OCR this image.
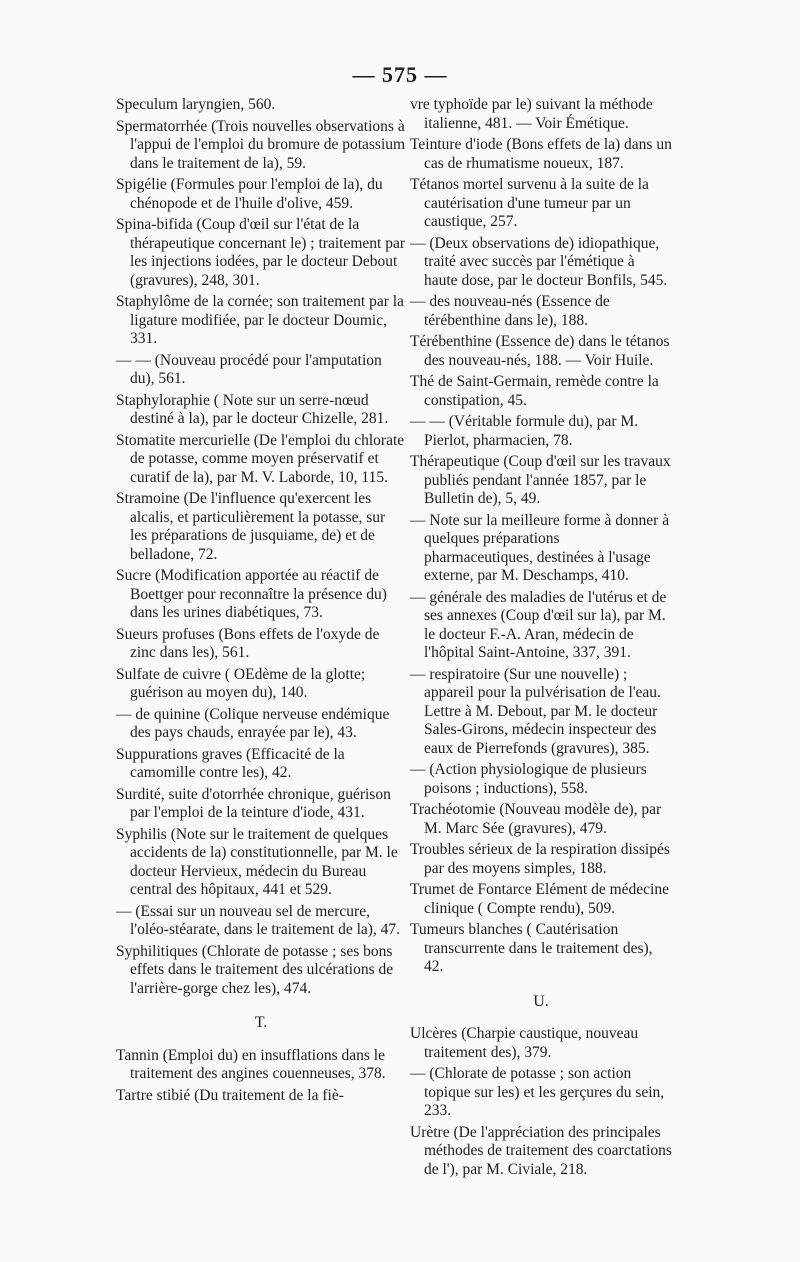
— 575 —

Speculum laryngien, 560.

Spermatorrhée (Trois nouvelles observations à l'appui de l'emploi du bromure de potassium dans le traitement de la), 59.

Spigélie (Formules pour l'emploi de la), du chénopode et de l'huile d'olive, 459.

Spina-bifida (Coup d'œil sur l'état de la thérapeutique concernant le) ; traitement par les injections iodées, par le docteur Debout (gravures), 248, 301.

Staphylôme de la cornée; son traitement par la ligature modifiée, par le docteur Doumic, 331.

— — (Nouveau procédé pour l'amputation du), 561.

Staphyloraphie ( Note sur un serre-nœud destiné à la), par le docteur Chizelle, 281.

Stomatite mercurielle (De l'emploi du chlorate de potasse, comme moyen préservatif et curatif de la), par M. V. Laborde, 10, 115.

Stramoine (De l'influence qu'exercent les alcalis, et particulièrement la potasse, sur les préparations de jusquiame, de) et de belladone, 72.

Sucre (Modification apportée au réactif de Boettger pour reconnaître la présence du) dans les urines diabétiques, 73.

Sueurs profuses (Bons effets de l'oxyde de zinc dans les), 561.

Sulfate de cuivre ( OEdème de la glotte; guérison au moyen du), 140.

— de quinine (Colique nerveuse endémique des pays chauds, enrayée par le), 43.

Suppurations graves (Efficacité de la camomille contre les), 42.

Surdité, suite d'otorrhée chronique, guérison par l'emploi de la teinture d'iode, 431.

Syphilis (Note sur le traitement de quelques accidents de la) constitutionnelle, par M. le docteur Hervieux, médecin du Bureau central des hôpitaux, 441 et 529.

— (Essai sur un nouveau sel de mercure, l'oléo-stéarate, dans le traitement de la), 47.

Syphilitiques (Chlorate de potasse ; ses bons effets dans le traitement des ulcérations de l'arrière-gorge chez les), 474.

T.

Tannin (Emploi du) en insufflations dans le traitement des angines couenneuses, 378.

Tartre stibié (Du traitement de la fiè-

vre typhoïde par le) suivant la méthode italienne, 481. — Voir Émétique.

Teinture d'iode (Bons effets de la) dans un cas de rhumatisme noueux, 187.

Tétanos mortel survenu à la suite de la cautérisation d'une tumeur par un caustique, 257.

— (Deux observations de) idiopathique, traité avec succès par l'émétique à haute dose, par le docteur Bonfils, 545.

— des nouveau-nés (Essence de térébenthine dans le), 188.

Térébenthine (Essence de) dans le tétanos des nouveau-nés, 188. — Voir Huile.

Thé de Saint-Germain, remède contre la constipation, 45.

— — (Véritable formule du), par M. Pierlot, pharmacien, 78.

Thérapeutique (Coup d'œil sur les travaux publiés pendant l'année 1857, par le Bulletin de), 5, 49.

— Note sur la meilleure forme à donner à quelques préparations pharmaceutiques, destinées à l'usage externe, par M. Deschamps, 410.

— générale des maladies de l'utérus et de ses annexes (Coup d'œil sur la), par M. le docteur F.-A. Aran, médecin de l'hôpital Saint-Antoine, 337, 391.

— respiratoire (Sur une nouvelle) ; appareil pour la pulvérisation de l'eau. Lettre à M. Debout, par M. le docteur Sales-Girons, médecin inspecteur des eaux de Pierrefonds (gravures), 385.

— (Action physiologique de plusieurs poisons ; inductions), 558.

Trachéotomie (Nouveau modèle de), par M. Marc Sée (gravures), 479.

Troubles sérieux de la respiration dissipés par des moyens simples, 188.

Trumet de Fontarce Elément de médecine clinique ( Compte rendu), 509.

Tumeurs blanches ( Cautérisation transcurrente dans le traitement des), 42.

U.

Ulcères (Charpie caustique, nouveau traitement des), 379.

— (Chlorate de potasse ; son action topique sur les) et les gerçures du sein, 233.

Urètre (De l'appréciation des principales méthodes de traitement des coarctations de l'), par M. Civiale, 218.
